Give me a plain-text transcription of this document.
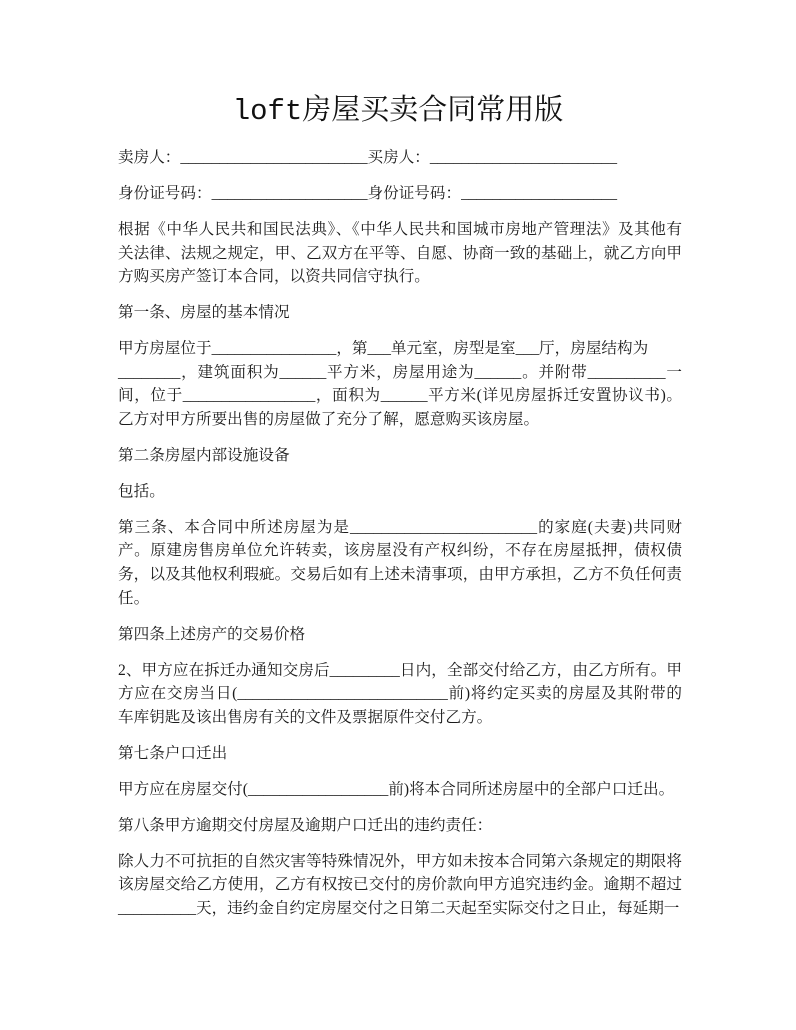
loft房屋买卖合同常用版
卖房人：________________________买房人：________________________
身份证号码：____________________身份证号码：____________________
根据《中华人民共和国民法典》、《中华人民共和国城市房地产管理法》及其他有
关法律、法规之规定，甲、乙双方在平等、自愿、协商一致的基础上，就乙方向甲
方购买房产签订本合同，以资共同信守执行。
第一条、房屋的基本情况
甲方房屋位于________________，第___单元室，房型是室___厅，房屋结构为
________，建筑面积为______平方米，房屋用途为______。并附带__________一
间，位于_________________，面积为______平方米(详见房屋拆迁安置协议书)。
乙方对甲方所要出售的房屋做了充分了解，愿意购买该房屋。
第二条房屋内部设施设备
包括。
第三条、本合同中所述房屋为是________________________的家庭(夫妻)共同财
产。原建房售房单位允许转卖，该房屋没有产权纠纷，不存在房屋抵押，债权债
务，以及其他权利瑕疵。交易后如有上述未清事项，由甲方承担，乙方不负任何责
任。
第四条上述房产的交易价格
2、甲方应在拆迁办通知交房后_________日内，全部交付给乙方，由乙方所有。甲
方应在交房当日(___________________________前)将约定买卖的房屋及其附带的
车库钥匙及该出售房有关的文件及票据原件交付乙方。
第七条户口迁出
甲方应在房屋交付(__________________前)将本合同所述房屋中的全部户口迁出。
第八条甲方逾期交付房屋及逾期户口迁出的违约责任：
除人力不可抗拒的自然灾害等特殊情况外，甲方如未按本合同第六条规定的期限将
该房屋交给乙方使用，乙方有权按已交付的房价款向甲方追究违约金。逾期不超过
__________天，违约金自约定房屋交付之日第二天起至实际交付之日止，每延期一
